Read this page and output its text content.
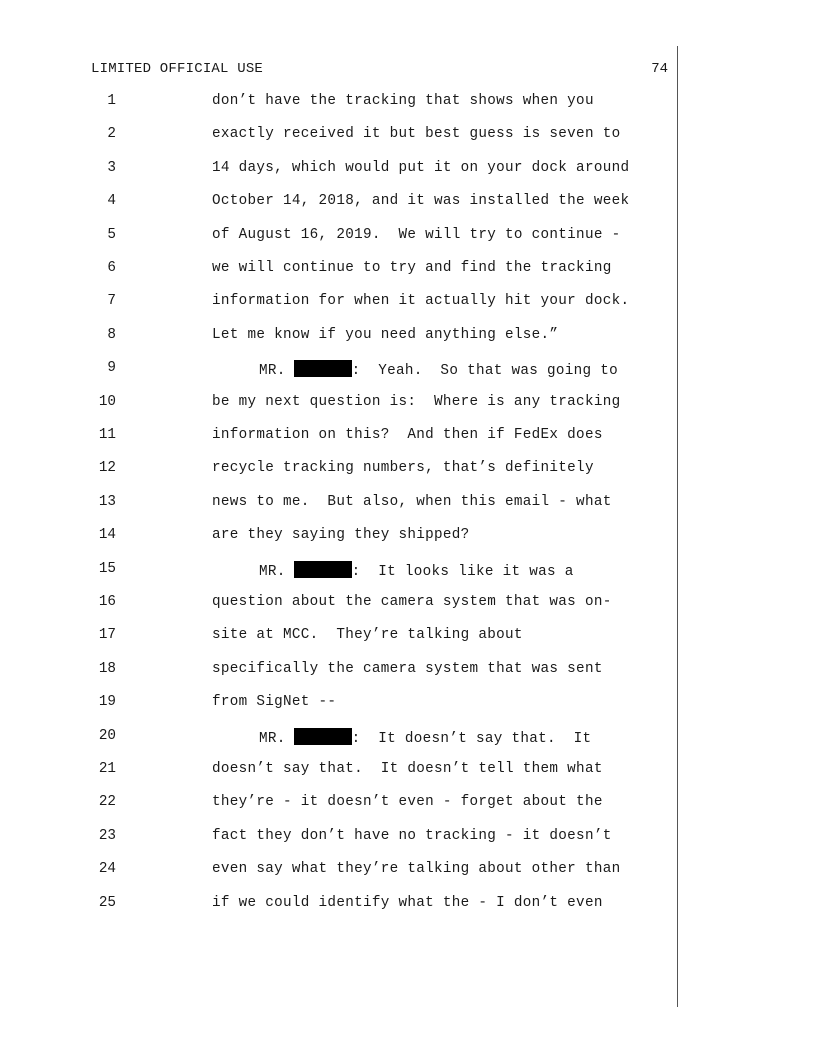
LIMITED OFFICIAL USE	74
1	don’t have the tracking that shows when you
2	exactly received it but best guess is seven to
3	14 days, which would put it on your dock around
4	October 14, 2018, and it was installed the week
5	of August 16, 2019.  We will try to continue -
6	we will continue to try and find the tracking
7	information for when it actually hit your dock.
8	Let me know if you need anything else.”
9	MR.	:  Yeah.  So that was going to
10	be my next question is:  Where is any tracking
11	information on this?  And then if FedEx does
12	recycle tracking numbers, that’s definitely
13	news to me.  But also, when this email - what
14	are they saying they shipped?
15	MR.	:  It looks like it was a
16	question about the camera system that was on-
17	site at MCC.  They’re talking about
18	specifically the camera system that was sent
19	from SigNet --
20	MR.	:  It doesn’t say that.  It
21	doesn’t say that.  It doesn’t tell them what
22	they’re - it doesn’t even - forget about the
23	fact they don’t have no tracking - it doesn’t
24	even say what they’re talking about other than
25	if we could identify what the - I don’t even
